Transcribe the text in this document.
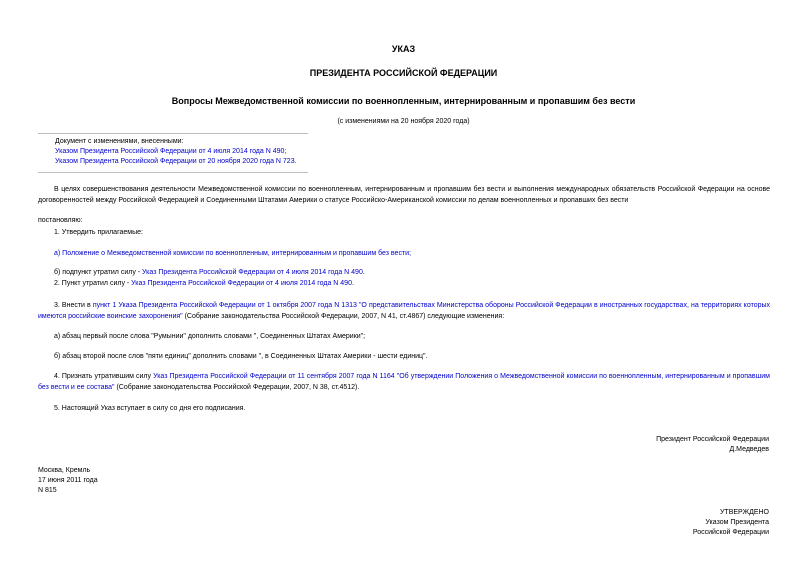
УКАЗ
ПРЕЗИДЕНТА РОССИЙСКОЙ ФЕДЕРАЦИИ
Вопросы Межведомственной комиссии по военнопленным, интернированным и пропавшим без вести
(с изменениями на 20 ноября 2020 года)
Документ с изменениями, внесенными:
Указом Президента Российской Федерации от 4 июля 2014 года N 490;
Указом Президента Российской Федерации от 20 ноября 2020 года N 723.
В целях совершенствования деятельности Межведомственной комиссии по военнопленным, интернированным и пропавшим без вести и выполнения международных обязательств Российской Федерации на основе договоренностей между Российской Федерацией и Соединенными Штатами Америки о статусе Российско-Американской комиссии по делам военнопленных и пропавших без вести
постановляю:
1. Утвердить прилагаемые:
а) Положение о Межведомственной комиссии по военнопленным, интернированным и пропавшим без вести;
б) подпункт утратил силу - Указ Президента Российской Федерации от 4 июля 2014 года N 490.
2. Пункт утратил силу - Указ Президента Российской Федерации от 4 июля 2014 года N 490.
3. Внести в пункт 1 Указа Президента Российской Федерации от 1 октября 2007 года N 1313 "О представительствах Министерства обороны Российской Федерации в иностранных государствах, на территориях которых имеются российские воинские захоронения" (Собрание законодательства Российской Федерации, 2007, N 41, ст.4867) следующие изменения:
а) абзац первый после слова "Румынии" дополнить словами ", Соединенных Штатах Америки";
б) абзац второй после слов "пяти единиц" дополнить словами ", в Соединенных Штатах Америки - шести единиц".
4. Признать утратившим силу Указ Президента Российской Федерации от 11 сентября 2007 года N 1164 "Об утверждении Положения о Межведомственной комиссии по военнопленным, интернированным и пропавшим без вести и ее состава" (Собрание законодательства Российской Федерации, 2007, N 38, ст.4512).
5. Настоящий Указ вступает в силу со дня его подписания.
Президент Российской Федерации
Д.Медведев
Москва, Кремль
17 июня 2011 года
N 815
УТВЕРЖДЕНО
Указом Президента
Российской Федерации
